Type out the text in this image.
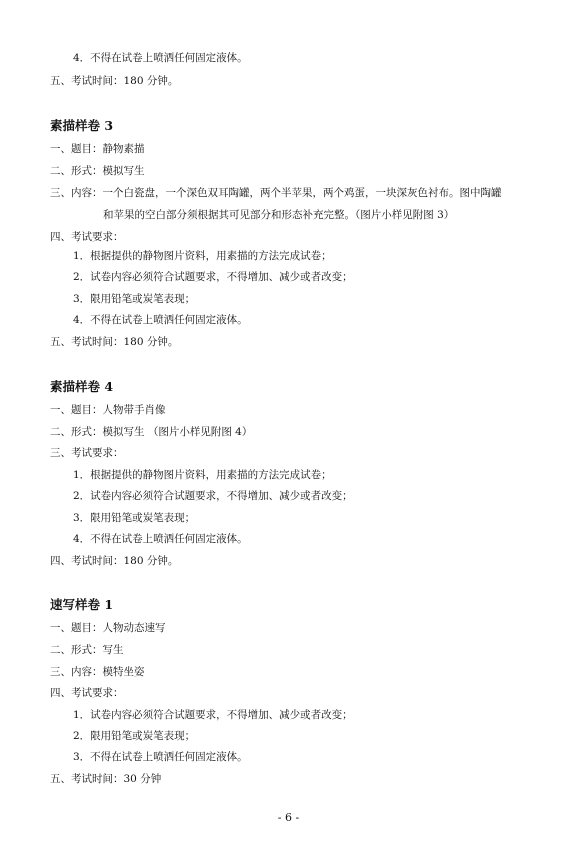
4．不得在试卷上喷洒任何固定液体。
五、考试时间：180 分钟。
素描样卷 3
一、题目：静物素描
二、形式：模拟写生
三、内容：一个白瓷盘，一个深色双耳陶罐，两个半苹果，两个鸡蛋，一块深灰色衬布。图中陶罐
和苹果的空白部分须根据其可见部分和形态补充完整。（图片小样见附图 3）
四、考试要求：
1．根据提供的静物图片资料，用素描的方法完成试卷；
2．试卷内容必须符合试题要求，不得增加、减少或者改变；
3．限用铅笔或炭笔表现；
4．不得在试卷上喷洒任何固定液体。
五、考试时间：180 分钟。
素描样卷 4
一、题目：人物带手肖像
二、形式：模拟写生 （图片小样见附图 4）
三、考试要求：
1．根据提供的静物图片资料，用素描的方法完成试卷；
2．试卷内容必须符合试题要求，不得增加、减少或者改变；
3．限用铅笔或炭笔表现；
4．不得在试卷上喷洒任何固定液体。
四、考试时间：180 分钟。
速写样卷 1
一、题目：人物动态速写
二、形式：写生
三、内容：模特坐姿
四、考试要求：
1．试卷内容必须符合试题要求，不得增加、减少或者改变；
2．限用铅笔或炭笔表现；
3．不得在试卷上喷洒任何固定液体。
五、考试时间：30 分钟
- 6 -
